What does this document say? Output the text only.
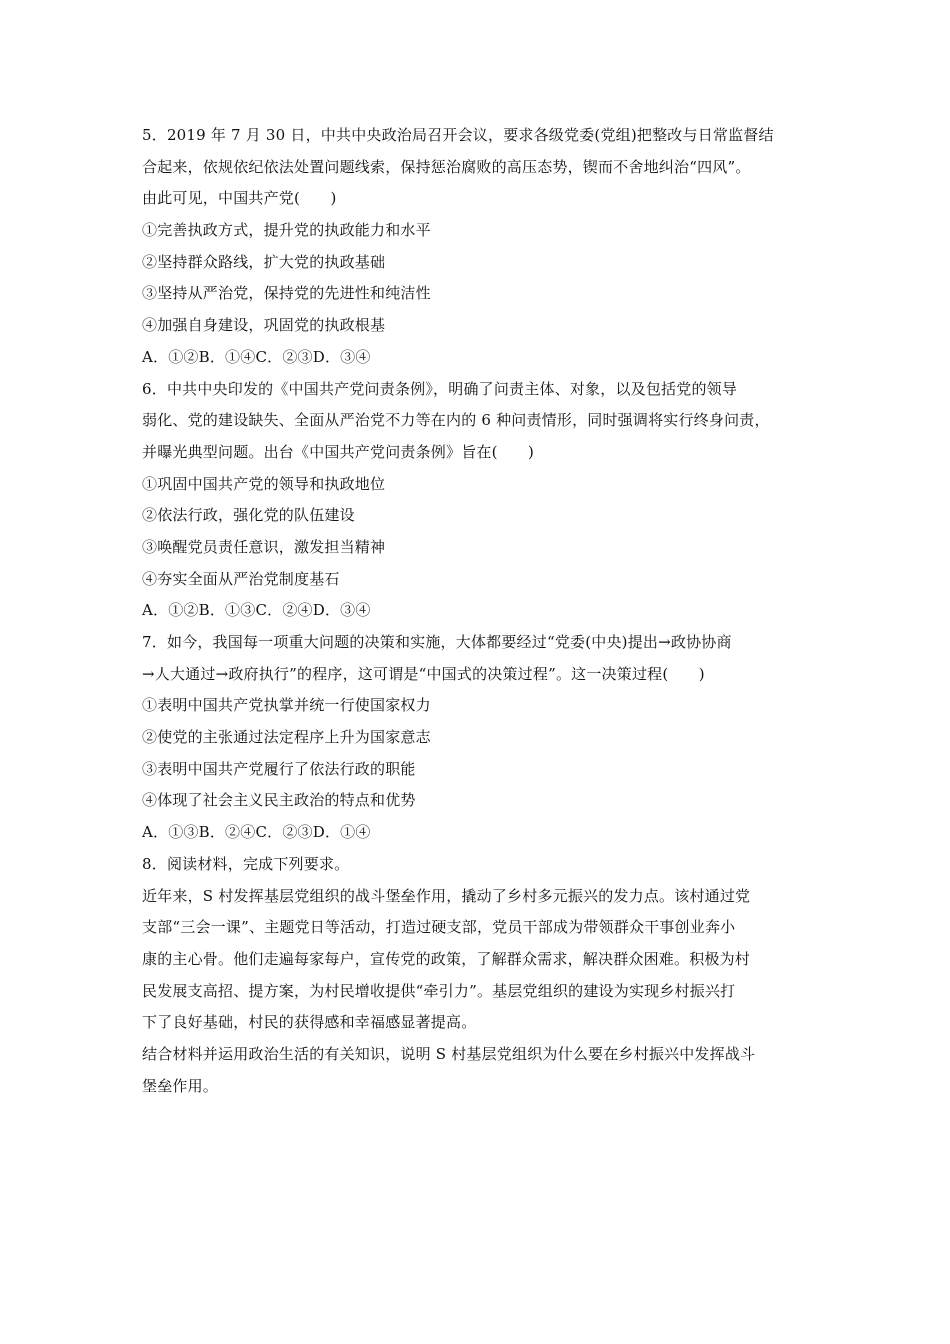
5．2019 年 7 月 30 日，中共中央政治局召开会议，要求各级党委(党组)把整改与日常监督结
合起来，依规依纪依法处置问题线索，保持惩治腐败的高压态势，锲而不舍地纠治“四风”。
由此可见，中国共产党(　　)
①完善执政方式，提升党的执政能力和水平
②坚持群众路线，扩大党的执政基础
③坚持从严治党，保持党的先进性和纯洁性
④加强自身建设，巩固党的执政根基
A．①②B．①④C．②③D．③④
6．中共中央印发的《中国共产党问责条例》，明确了问责主体、对象，以及包括党的领导
弱化、党的建设缺失、全面从严治党不力等在内的 6 种问责情形，同时强调将实行终身问责，
并曝光典型问题。出台《中国共产党问责条例》旨在(　　)
①巩固中国共产党的领导和执政地位
②依法行政，强化党的队伍建设
③唤醒党员责任意识，激发担当精神
④夯实全面从严治党制度基石
A．①②B．①③C．②④D．③④
7．如今，我国每一项重大问题的决策和实施，大体都要经过“党委(中央)提出→政协协商
→人大通过→政府执行”的程序，这可谓是“中国式的决策过程”。这一决策过程(　　)
①表明中国共产党执掌并统一行使国家权力
②使党的主张通过法定程序上升为国家意志
③表明中国共产党履行了依法行政的职能
④体现了社会主义民主政治的特点和优势
A．①③B．②④C．②③D．①④
8．阅读材料，完成下列要求。
近年来，S 村发挥基层党组织的战斗堡垒作用，撬动了乡村多元振兴的发力点。该村通过党
支部“三会一课”、主题党日等活动，打造过硬支部，党员干部成为带领群众干事创业奔小
康的主心骨。他们走遍每家每户，宣传党的政策，了解群众需求，解决群众困难。积极为村
民发展支高招、提方案，为村民增收提供“牵引力”。基层党组织的建设为实现乡村振兴打
下了良好基础，村民的获得感和幸福感显著提高。
结合材料并运用政治生活的有关知识，说明 S 村基层党组织为什么要在乡村振兴中发挥战斗
堡垒作用。
